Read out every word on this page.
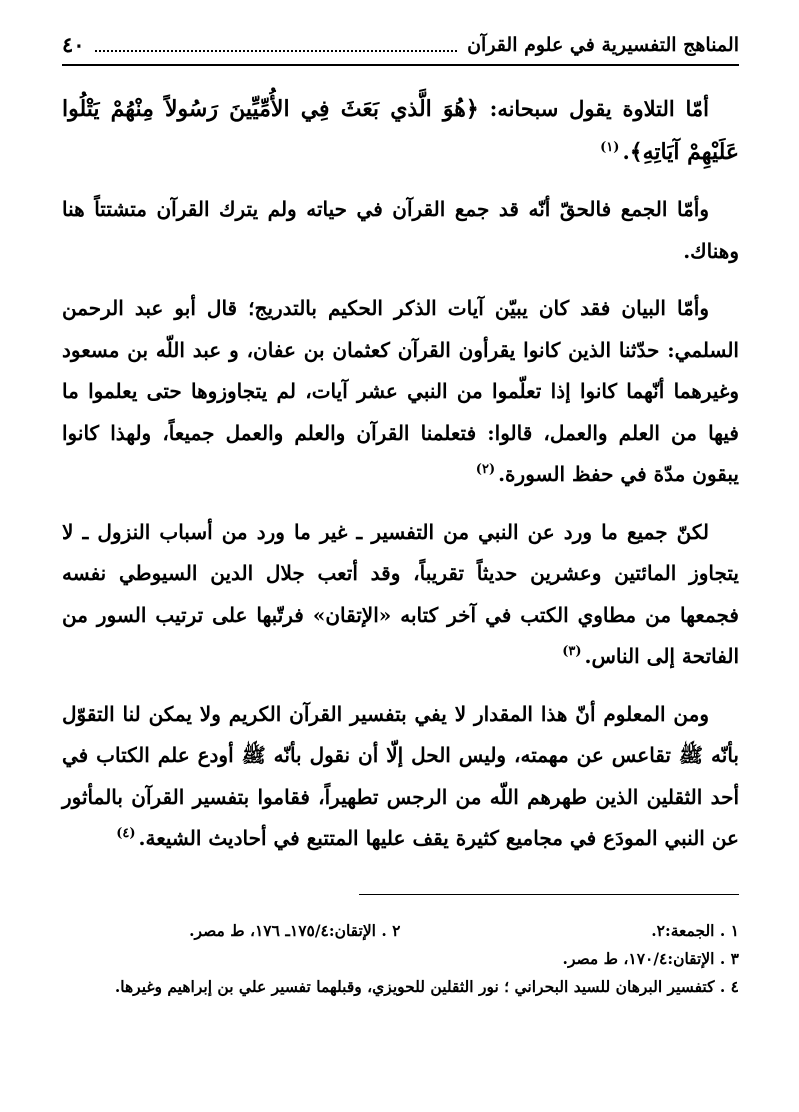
المناهج التفسيرية في علوم القرآن
٤٠

أمّا التلاوة يقول سبحانه: ﴿هُوَ الَّذي بَعَثَ فِي الأُمِّيِّينَ رَسُولاً مِنْهُمْ يَتْلُوا عَلَيْهِمْ آيَاتِهِ﴾.$^{(١)}$

وأمّا الجمع فالحقّ أنّه قد جمع القرآن في حياته ولم يترك القرآن متشتتاً هنا وهناك.

وأمّا البيان فقد كان يبيّن آيات الذكر الحكيم بالتدريج؛ قال أبو عبد الرحمن السلمي: حدّثنا الذين كانوا يقرأون القرآن كعثمان بن عفان، و عبد اللّه بن مسعود وغيرهما أنّهما كانوا إذا تعلّموا من النبي عشر آيات، لم يتجاوزوها حتى يعلموا ما فيها من العلم والعمل، قالوا: فتعلمنا القرآن والعلم والعمل جميعاً، ولهذا كانوا يبقون مدّة في حفظ السورة.$^{(٢)}$

لكنّ جميع ما ورد عن النبي من التفسير ـ غير ما ورد من أسباب النزول ـ لا يتجاوز المائتين وعشرين حديثاً تقريباً، وقد أتعب جلال الدين السيوطي نفسه فجمعها من مطاوي الكتب في آخر كتابه «الإتقان» فرتّبها على ترتيب السور من الفاتحة إلى الناس.$^{(٣)}$

ومن المعلوم أنّ هذا المقدار لا يفي بتفسير القرآن الكريم ولا يمكن لنا التقوّل بأنّه ﷺ تقاعس عن مهمته، وليس الحل إلّا أن نقول بأنّه ﷺ أودع علم الكتاب في أحد الثقلين الذين طهرهم اللّه من الرجس تطهيراً، فقاموا بتفسير القرآن بالمأثور عن النبي المودَع في مجاميع كثيرة يقف عليها المتتبع في أحاديث الشيعة.$^{(٤)}$

١ . الجمعة:٢.
٢ . الإتقان:١٧٥/٤ـ ١٧٦، ط مصر.
٣ . الإتقان:١٧٠/٤، ط مصر.
٤ . كتفسير البرهان للسيد البحراني ؛ نور الثقلين للحويزي، وقبلهما تفسير علي بن إبراهيم وغيرها.
